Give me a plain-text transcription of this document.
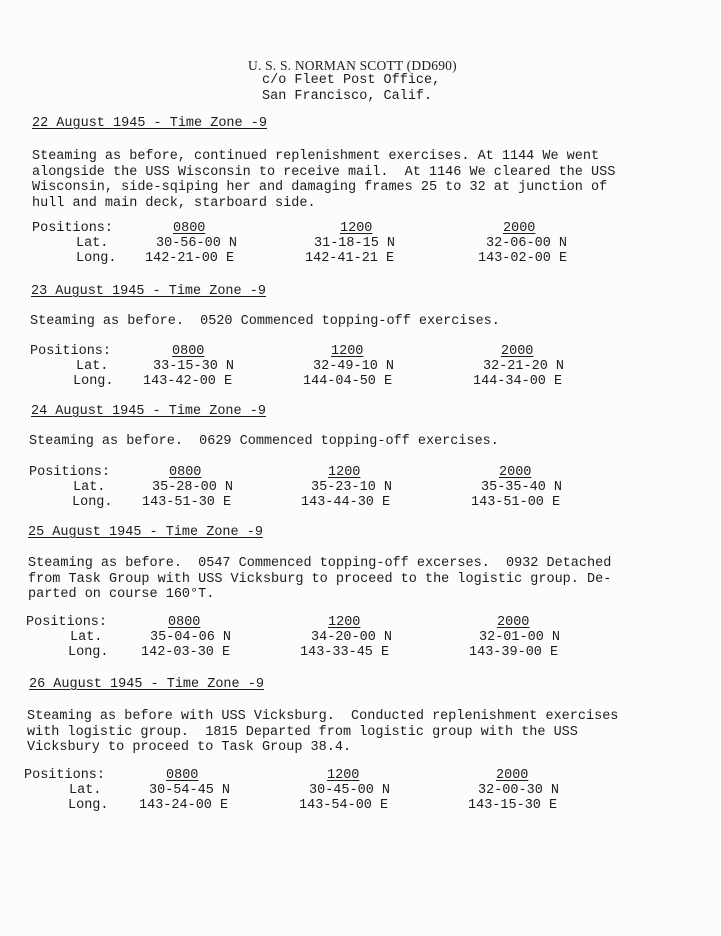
U. S. S. NORMAN SCOTT (DD690)
c/o Fleet Post Office,
San Francisco, Calif.
22 August 1945 - Time Zone -9
Steaming as before, continued replenishment exercises. At 1144 We went
alongside the USS Wisconsin to receive mail.  At 1146 We cleared the USS
Wisconsin, side-sqiping her and damaging frames 25 to 32 at junction of
hull and main deck, starboard side.
Positions:
Lat.
Long.
0800
30-56-00 N
142-21-00 E
1200
31-18-15 N
142-41-21 E
2000
32-06-00 N
143-02-00 E
23 August 1945 - Time Zone -9
Steaming as before.  0520 Commenced topping-off exercises.
Positions:
Lat.
Long.
0800
33-15-30 N
143-42-00 E
1200
32-49-10 N
144-04-50 E
2000
32-21-20 N
144-34-00 E
24 August 1945 - Time Zone -9
Steaming as before.  0629 Commenced topping-off exercises.
Positions:
Lat.
Long.
0800
35-28-00 N
143-51-30 E
1200
35-23-10 N
143-44-30 E
2000
35-35-40 N
143-51-00 E
25 August 1945 - Time Zone -9
Steaming as before.  0547 Commenced topping-off excerses.  0932 Detached
from Task Group with USS Vicksburg to proceed to the logistic group. De-
parted on course 160°T.
Positions:
Lat.
Long.
0800
35-04-06 N
142-03-30 E
1200
34-20-00 N
143-33-45 E
2000
32-01-00 N
143-39-00 E
26 August 1945 - Time Zone -9
Steaming as before with USS Vicksburg.  Conducted replenishment exercises
with logistic group.  1815 Departed from logistic group with the USS
Vicksbury to proceed to Task Group 38.4.
Positions:
Lat.
Long.
0800
30-54-45 N
143-24-00 E
1200
30-45-00 N
143-54-00 E
2000
32-00-30 N
143-15-30 E
